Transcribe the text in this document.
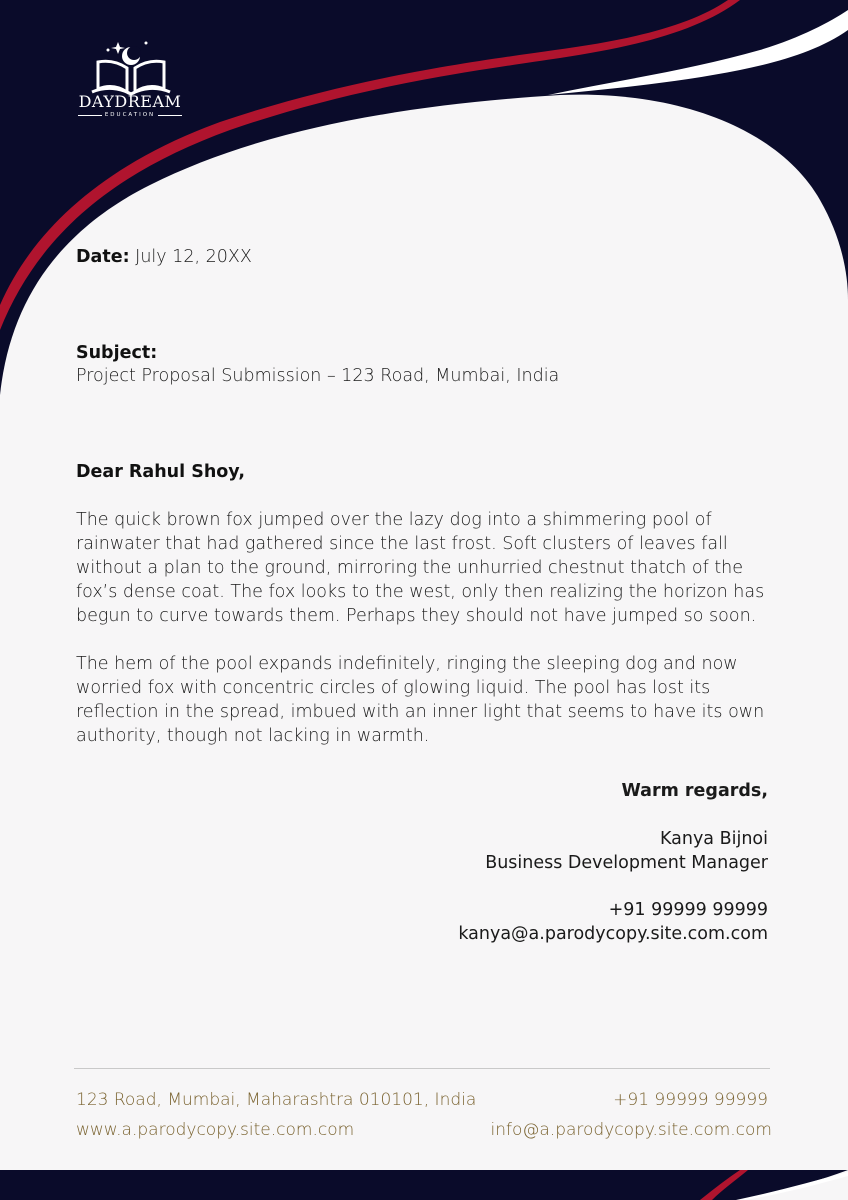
DAYDREAM
EDUCATION
Date: July 12, 20XX
Subject:
Project Proposal Submission – 123 Road, Mumbai, India
Dear Rahul Shoy,
The quick brown fox jumped over the lazy dog into a shimmering pool of rainwater that had gathered since the last frost. Soft clusters of leaves fall without a plan to the ground, mirroring the unhurried chestnut thatch of the fox’s dense coat. The fox looks to the west, only then realizing the horizon has begun to curve towards them. Perhaps they should not have jumped so soon.
The hem of the pool expands indefinitely, ringing the sleeping dog and now worried fox with concentric circles of glowing liquid. The pool has lost its reflection in the spread, imbued with an inner light that seems to have its own authority, though not lacking in warmth.
Warm regards,
Kanya Bijnoi
Business Development Manager
+91 99999 99999
kanya@a.parodycopy.site.com.com
123 Road, Mumbai, Maharashtra 010101, India
www.a.parodycopy.site.com.com
+91 99999 99999
info@a.parodycopy.site.com.com
